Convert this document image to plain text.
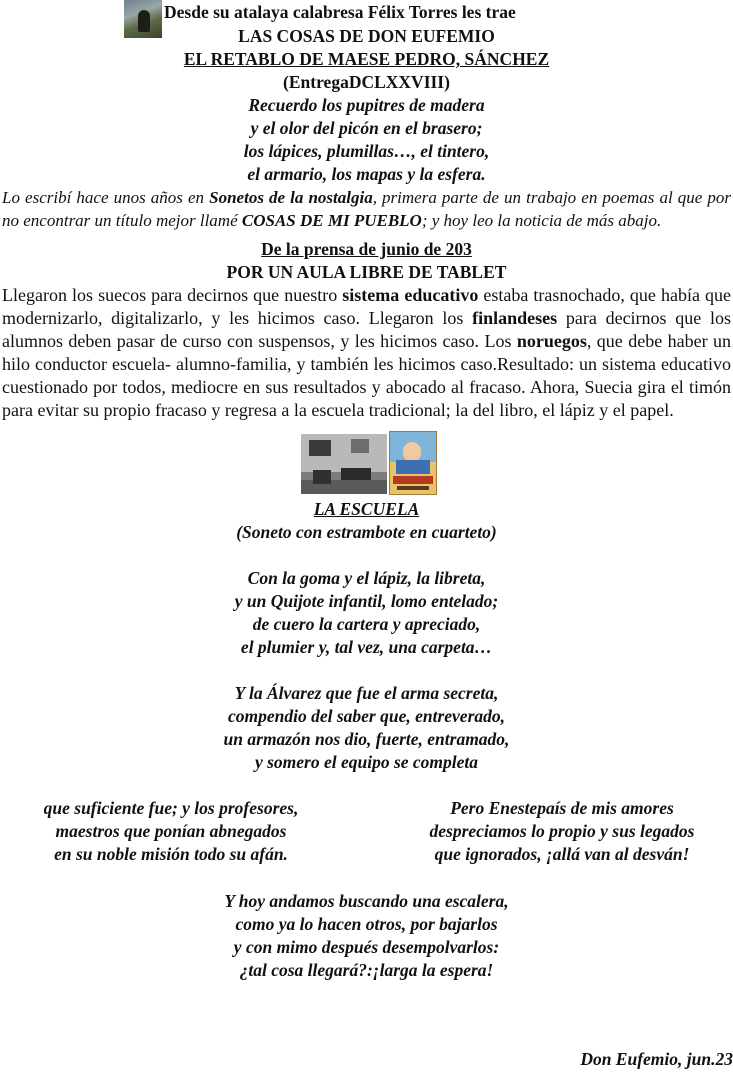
Desde su atalaya calabresa Félix Torres les trae
LAS COSAS DE DON EUFEMIO
EL RETABLO DE MAESE PEDRO, SÁNCHEZ
(EntregaDCLXXVIII)
Recuerdo los pupitres de madera
y el olor del picón en el brasero;
los lápices, plumillas…, el tintero,
el armario, los mapas y la esfera.

Lo escribí hace unos años en Sonetos de la nostalgia, primera parte de un trabajo en poemas al que por no encontrar un título mejor llamé COSAS DE MI PUEBLO; y hoy leo la noticia de más abajo.

De la prensa de junio de 203
POR UN AULA LIBRE DE TABLET

Llegaron los suecos para decirnos que nuestro sistema educativo estaba trasnochado, que había que modernizarlo, digitalizarlo, y les hicimos caso. Llegaron los finlandeses para decirnos que los alumnos deben pasar de curso con suspensos, y les hicimos caso. Los noruegos, que debe haber un hilo conductor escuela- alumno-familia, y también les hicimos caso.Resultado: un sistema educativo cuestionado por todos, mediocre en sus resultados y abocado al fracaso. Ahora, Suecia gira el timón para evitar su propio fracaso y regresa a la escuela tradicional; la del libro, el lápiz y el papel.

LA ESCUELA
(Soneto con estrambote en cuarteto)
Con la goma y el lápiz, la libreta,
y un Quijote infantil, lomo entelado;
de cuero la cartera y apreciado,
el plumier y, tal vez, una carpeta…
Y la Álvarez que fue el arma secreta,
compendio del saber que, entreverado,
un armazón nos dio, fuerte, entramado,
y somero el equipo se completa
que suficiente fue; y los profesores,
maestros que ponían abnegados
en su noble misión todo su afán.
Pero Enestepaís de mis amores
despreciamos lo propio y sus legados
que ignorados, ¡allá van al desván!
Y hoy andamos buscando una escalera,
como ya lo hacen otros, por bajarlos
y con mimo después desempolvarlos:
¿tal cosa llegará?:¡larga la espera!
Don Eufemio, jun.23
